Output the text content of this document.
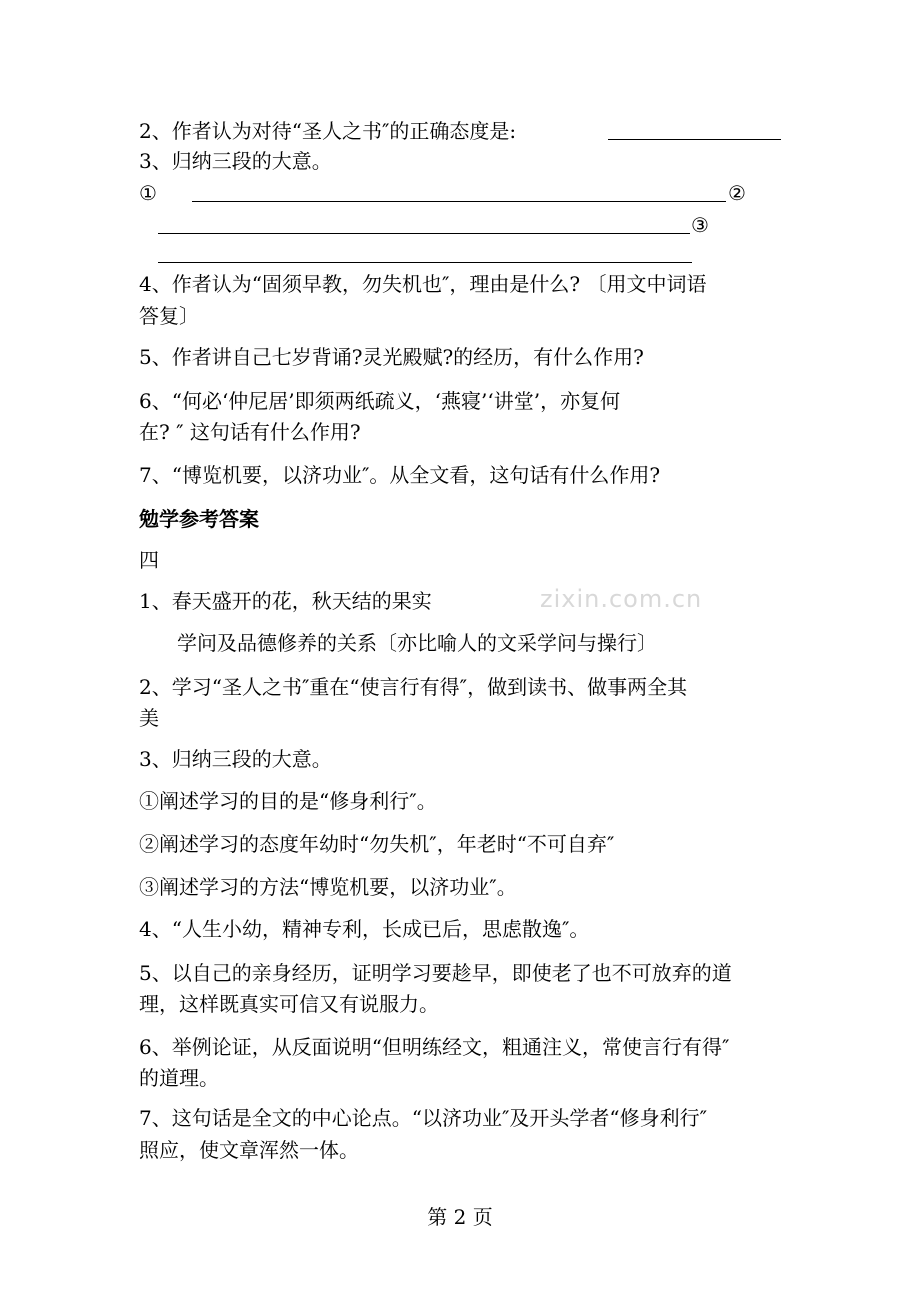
zixin.com.cn
2、作者认为对待“圣人之书″的正确态度是:
3、归纳三段的大意。
①	②
③
4、作者认为“固须早教，勿失机也″，理由是什么? 〔用文中词语
答复〕
5、作者讲自己七岁背诵?灵光殿赋?的经历，有什么作用?
6、“何必‘仲尼居’即须两纸疏义，‘燕寝’‘讲堂’，亦复何
在? ″ 这句话有什么作用?
7、“博览机要，以济功业″。从全文看，这句话有什么作用?
勉学参考答案
四
1、春天盛开的花，秋天结的果实
学问及品德修养的关系〔亦比喻人的文采学问与操行〕
2、学习“圣人之书″重在“使言行有得″，做到读书、做事两全其
美
3、归纳三段的大意。
①阐述学习的目的是“修身利行″。
②阐述学习的态度年幼时“勿失机″，年老时“不可自弃″
③阐述学习的方法“博览机要，以济功业″。
4、“人生小幼，精神专利，长成已后，思虑散逸″。
5、以自己的亲身经历，证明学习要趁早，即使老了也不可放弃的道
理，这样既真实可信又有说服力。
6、举例论证，从反面说明“但明练经文，粗通注义，常使言行有得″
的道理。
7、这句话是全文的中心论点。“以济功业″及开头学者“修身利行″
照应，使文章浑然一体。
第 2 页
